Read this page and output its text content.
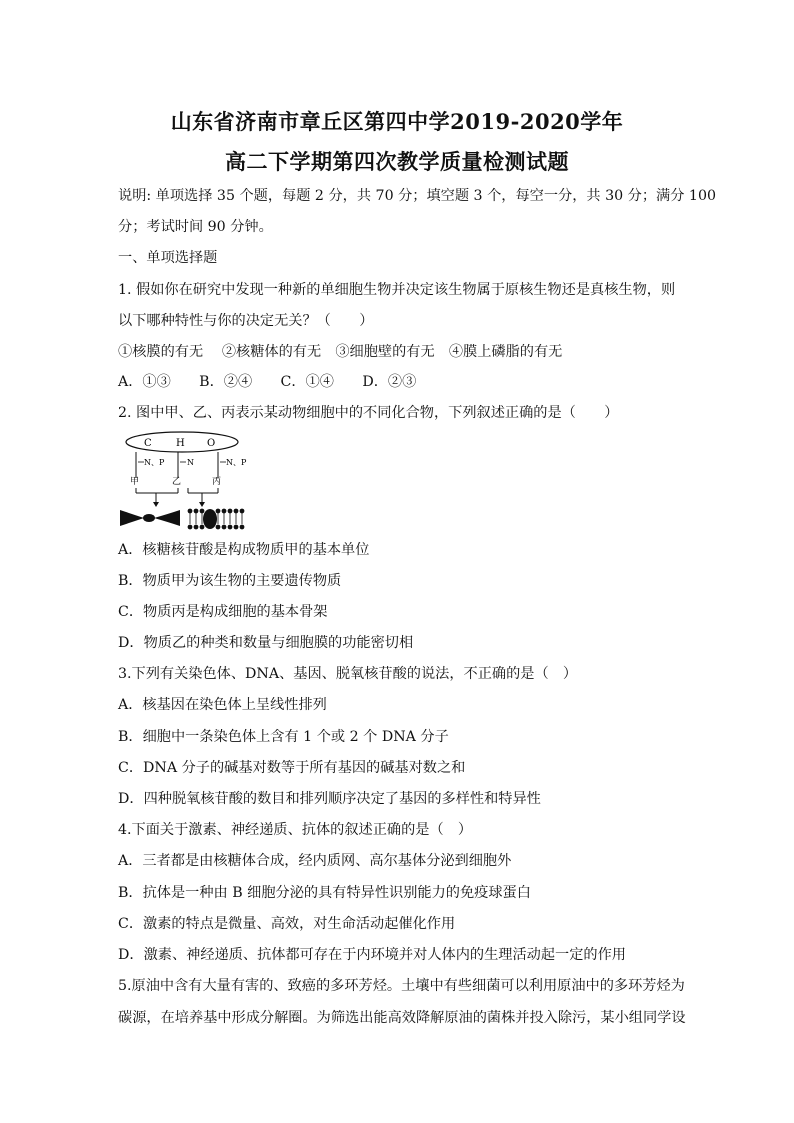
山东省济南市章丘区第四中学2019-2020学年
高二下学期第四次教学质量检测试题
说明: 单项选择 35 个题，每题 2 分，共 70 分；填空题 3 个，每空一分，共 30 分；满分 100
分；考试时间 90 分钟。
一、单项选择题
1. 假如你在研究中发现一种新的单细胞生物并决定该生物属于原核生物还是真核生物，则
以下哪种特性与你的决定无关？（　　）
①核膜的有无　 ②核糖体的有无　③细胞壁的有无　④膜上磷脂的有无
A．①③　　B．②④　　C．①④　　D．②③
2. 图中甲、乙、丙表示某动物细胞中的不同化合物，下列叙述正确的是（　　）
C H O
N、P	N	N、P
甲	乙	丙
A．核糖核苷酸是构成物质甲的基本单位
B．物质甲为该生物的主要遗传物质
C．物质丙是构成细胞的基本骨架
D．物质乙的种类和数量与细胞膜的功能密切相
3.下列有关染色体、DNA、基因、脱氧核苷酸的说法，不正确的是（　）
A．核基因在染色体上呈线性排列
B．细胞中一条染色体上含有 1 个或 2 个 DNA 分子
C．DNA 分子的碱基对数等于所有基因的碱基对数之和
D．四种脱氧核苷酸的数目和排列顺序决定了基因的多样性和特异性
4.下面关于激素、神经递质、抗体的叙述正确的是（　）
A．三者都是由核糖体合成，经内质网、高尔基体分泌到细胞外
B．抗体是一种由 B 细胞分泌的具有特异性识别能力的免疫球蛋白
C．激素的特点是微量、高效，对生命活动起催化作用
D．激素、神经递质、抗体都可存在于内环境并对人体内的生理活动起一定的作用
5.原油中含有大量有害的、致癌的多环芳烃。土壤中有些细菌可以利用原油中的多环芳烃为
碳源，在培养基中形成分解圈。为筛选出能高效降解原油的菌株并投入除污，某小组同学设
